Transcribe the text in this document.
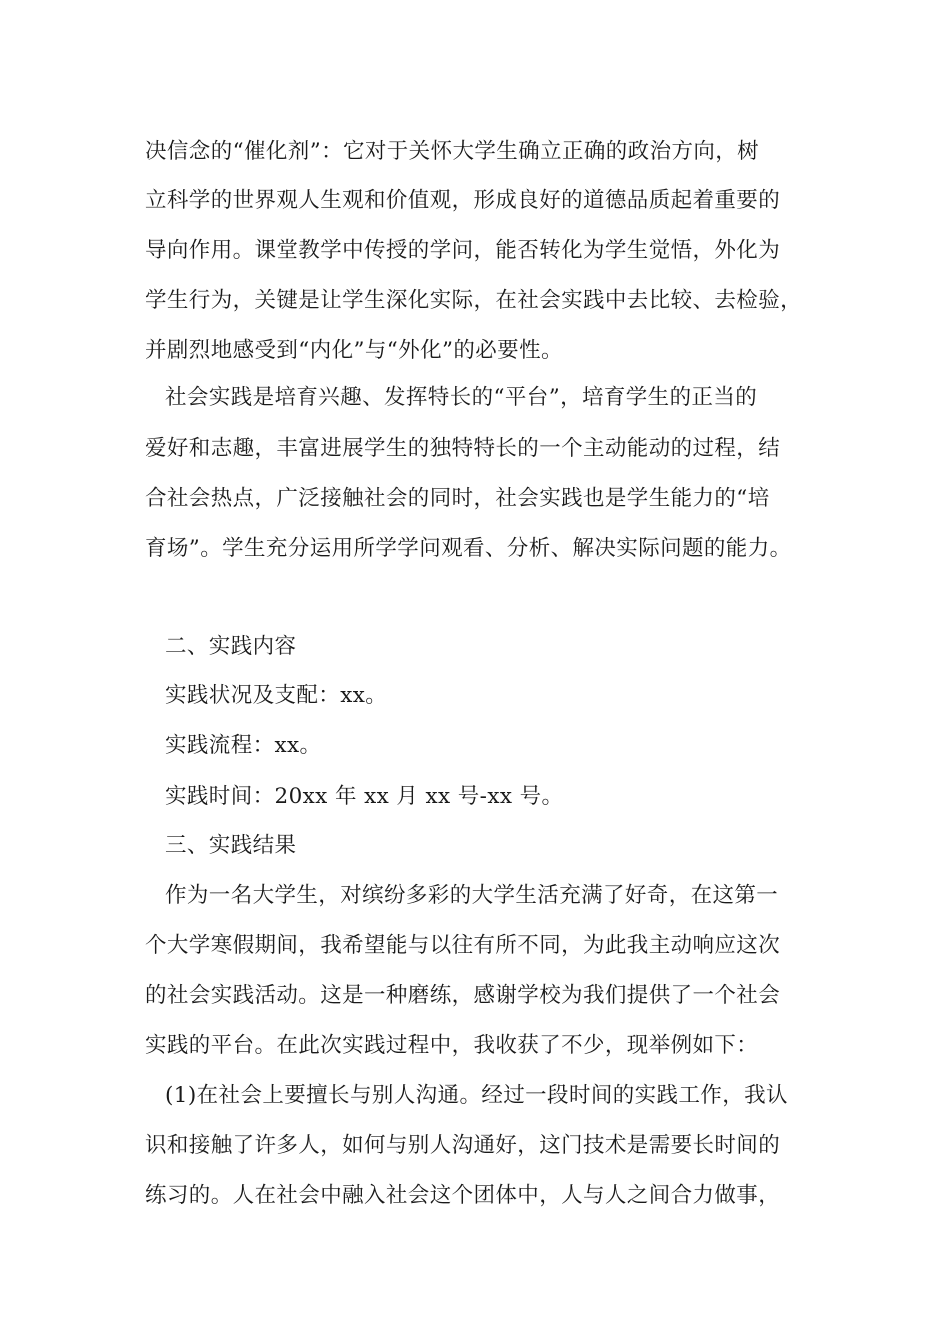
决信念的“催化剂”：它对于关怀大学生确立正确的政治方向，树
立科学的世界观人生观和价值观，形成良好的道德品质起着重要的
导向作用。课堂教学中传授的学问，能否转化为学生觉悟，外化为
学生行为，关键是让学生深化实际，在社会实践中去比较、去检验，
并剧烈地感受到“内化”与“外化”的必要性。
社会实践是培育兴趣、发挥特长的“平台”，培育学生的正当的
爱好和志趣，丰富进展学生的独特特长的一个主动能动的过程，结
合社会热点，广泛接触社会的同时，社会实践也是学生能力的“培
育场”。学生充分运用所学学问观看、分析、解决实际问题的能力。
二、实践内容
实践状况及支配：xx。
实践流程：xx。
实践时间：20xx 年 xx 月 xx 号-xx 号。
三、实践结果
作为一名大学生，对缤纷多彩的大学生活充满了好奇，在这第一
个大学寒假期间，我希望能与以往有所不同，为此我主动响应这次
的社会实践活动。这是一种磨练，感谢学校为我们提供了一个社会
实践的平台。在此次实践过程中，我收获了不少，现举例如下：
(1)在社会上要擅长与别人沟通。经过一段时间的实践工作，我认
识和接触了许多人，如何与别人沟通好，这门技术是需要长时间的
练习的。人在社会中融入社会这个团体中，人与人之间合力做事，
